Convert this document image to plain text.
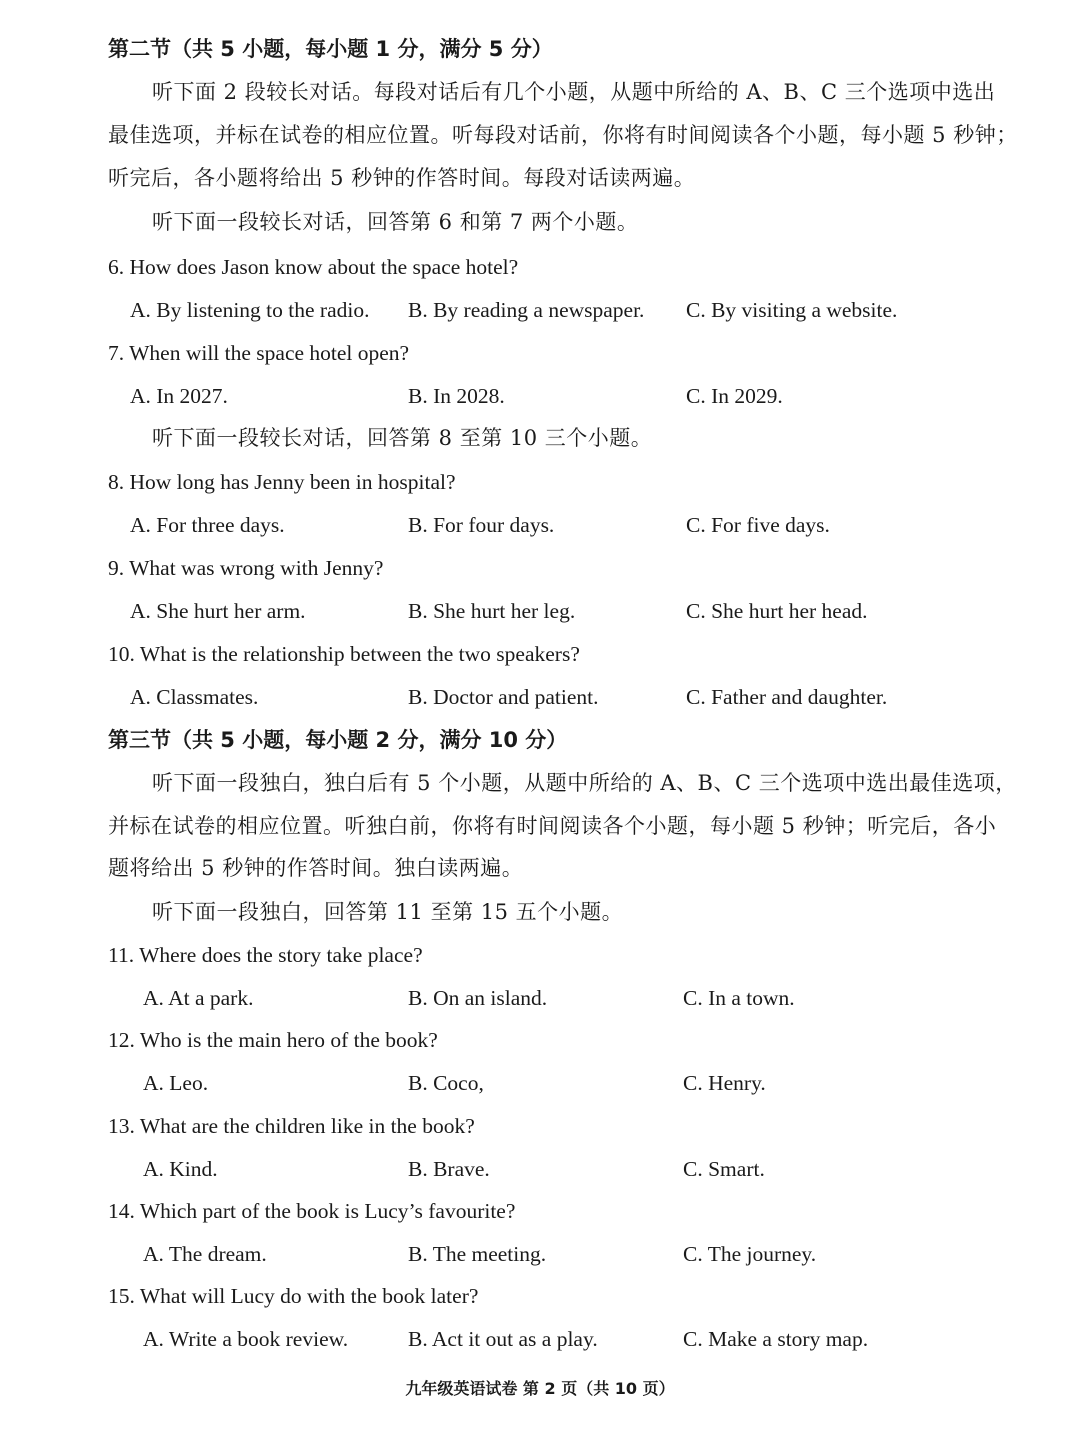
第二节（共 5 小题，每小题 1 分，满分 5 分）
听下面 2 段较长对话。每段对话后有几个小题，从题中所给的 A、B、C 三个选项中选出
最佳选项，并标在试卷的相应位置。听每段对话前，你将有时间阅读各个小题，每小题 5 秒钟；
听完后，各小题将给出 5 秒钟的作答时间。每段对话读两遍。
听下面一段较长对话，回答第 6 和第 7 两个小题。
6. How does Jason know about the space hotel?
A. By listening to the radio. B. By reading a newspaper. C. By visiting a website.
7. When will the space hotel open?
A. In 2027.	B. In 2028.	C. In 2029.
听下面一段较长对话，回答第 8 至第 10 三个小题。
8. How long has Jenny been in hospital?
A. For three days.	B. For four days.	C. For five days.
9. What was wrong with Jenny?
A. She hurt her arm.	B. She hurt her leg.	C. She hurt her head.
10. What is the relationship between the two speakers?
A. Classmates.	B. Doctor and patient.	C. Father and daughter.
第三节（共 5 小题，每小题 2 分，满分 10 分）
听下面一段独白，独白后有 5 个小题，从题中所给的 A、B、C 三个选项中选出最佳选项，
并标在试卷的相应位置。听独白前，你将有时间阅读各个小题，每小题 5 秒钟；听完后，各小
题将给出 5 秒钟的作答时间。独白读两遍。
听下面一段独白，回答第 11 至第 15 五个小题。
11. Where does the story take place?
A. At a park.	B. On an island.	C. In a town.
12. Who is the main hero of the book?
A. Leo.	B. Coco,	C. Henry.
13. What are the children like in the book?
A. Kind.	B. Brave.	C. Smart.
14. Which part of the book is Lucy’s favourite?
A. The dream.	B. The meeting.	C. The journey.
15. What will Lucy do with the book later?
A. Write a book review.	B. Act it out as a play.	C. Make a story map.
九年级英语试卷 第 2 页（共 10 页）
